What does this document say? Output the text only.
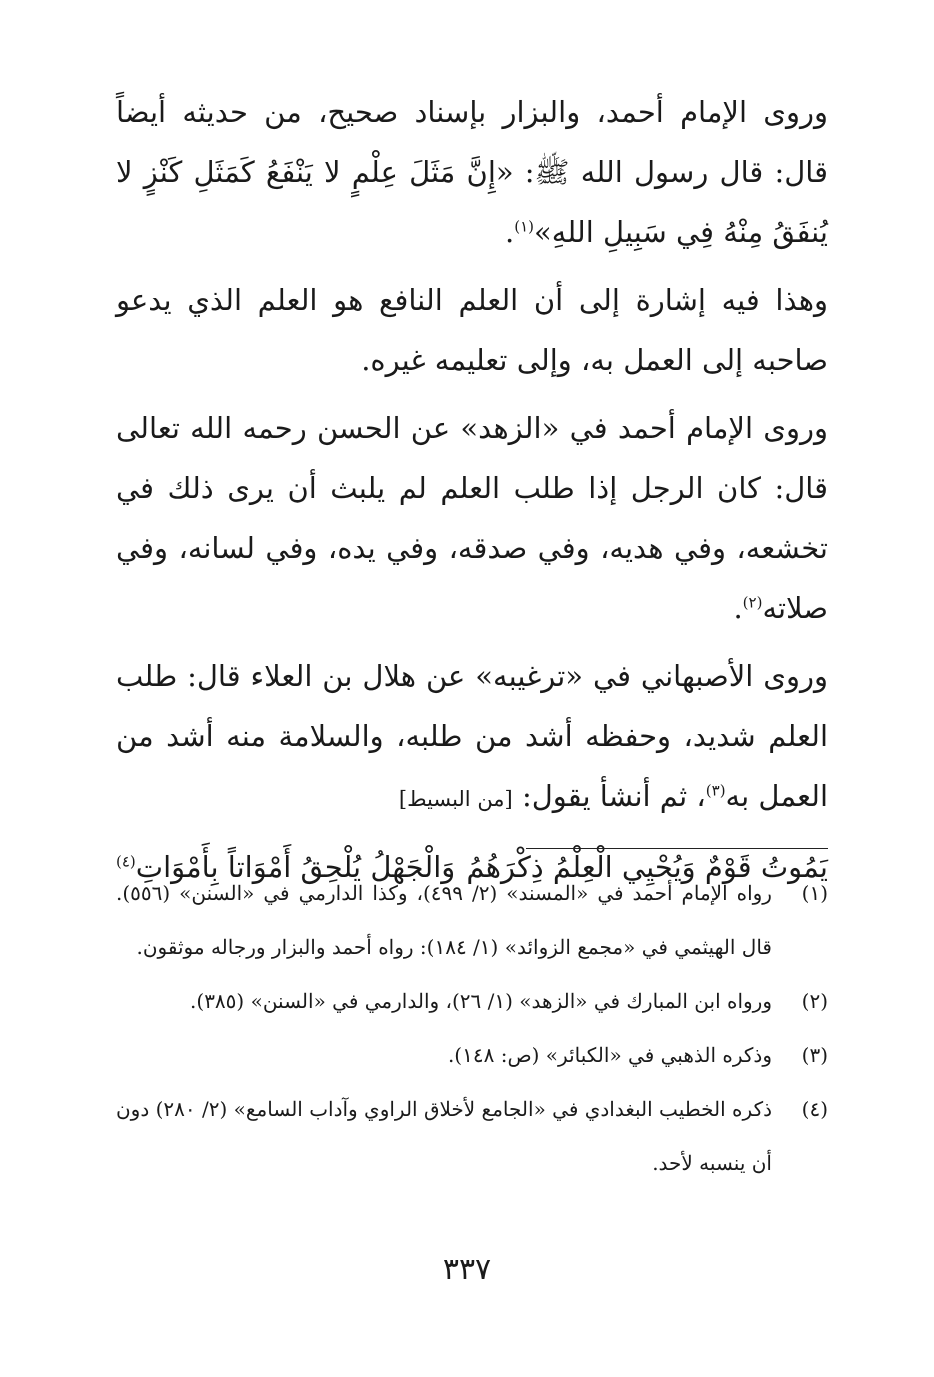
وروى الإمام أحمد، والبزار بإسناد صحيح، من حديثه أيضاً قال: قال رسول الله ﷺ: «إِنَّ مَثَلَ عِلْمٍ لا يَنْفَعُ كَمَثَلِ كَنْزٍ لا يُنفَقُ مِنْهُ فِي سَبِيلِ اللهِ»$^{(١)}$.

وهذا فيه إشارة إلى أن العلم النافع هو العلم الذي يدعو صاحبه إلى العمل به، وإلى تعليمه غيره.

وروى الإمام أحمد في «الزهد» عن الحسن رحمه الله تعالى قال: كان الرجل إذا طلب العلم لم يلبث أن يرى ذلك في تخشعه، وفي هديه، وفي صدقه، وفي يده، وفي لسانه، وفي صلاته$^{(٢)}$.

وروى الأصبهاني في «ترغيبه» عن هلال بن العلاء قال: طلب العلم شديد، وحفظه أشد من طلبه، والسلامة منه أشد من العمل به$^{(٣)}$، ثم أنشأ يقول: [من البسيط]

يَمُوتُ قَوْمٌ وَيُحْيِي الْعِلْمُ ذِكْرَهُمُ
وَالْجَهْلُ يُلْحِقُ أَمْوَاتاً بِأَمْوَاتِ$^{(٤)}$
(١)
رواه الإمام أحمد في «المسند» (٢/ ٤٩٩)، وكذا الدارمي في «السنن» (٥٥٦). قال الهيثمي في «مجمع الزوائد» (١/ ١٨٤): رواه أحمد والبزار ورجاله موثقون.
(٢)
ورواه ابن المبارك في «الزهد» (١/ ٢٦)، والدارمي في «السنن» (٣٨٥).
(٣)
وذكره الذهبي في «الكبائر» (ص: ١٤٨).
(٤)
ذكره الخطيب البغدادي في «الجامع لأخلاق الراوي وآداب السامع» (٢/ ٢٨٠) دون أن ينسبه لأحد.
٣٣٧
